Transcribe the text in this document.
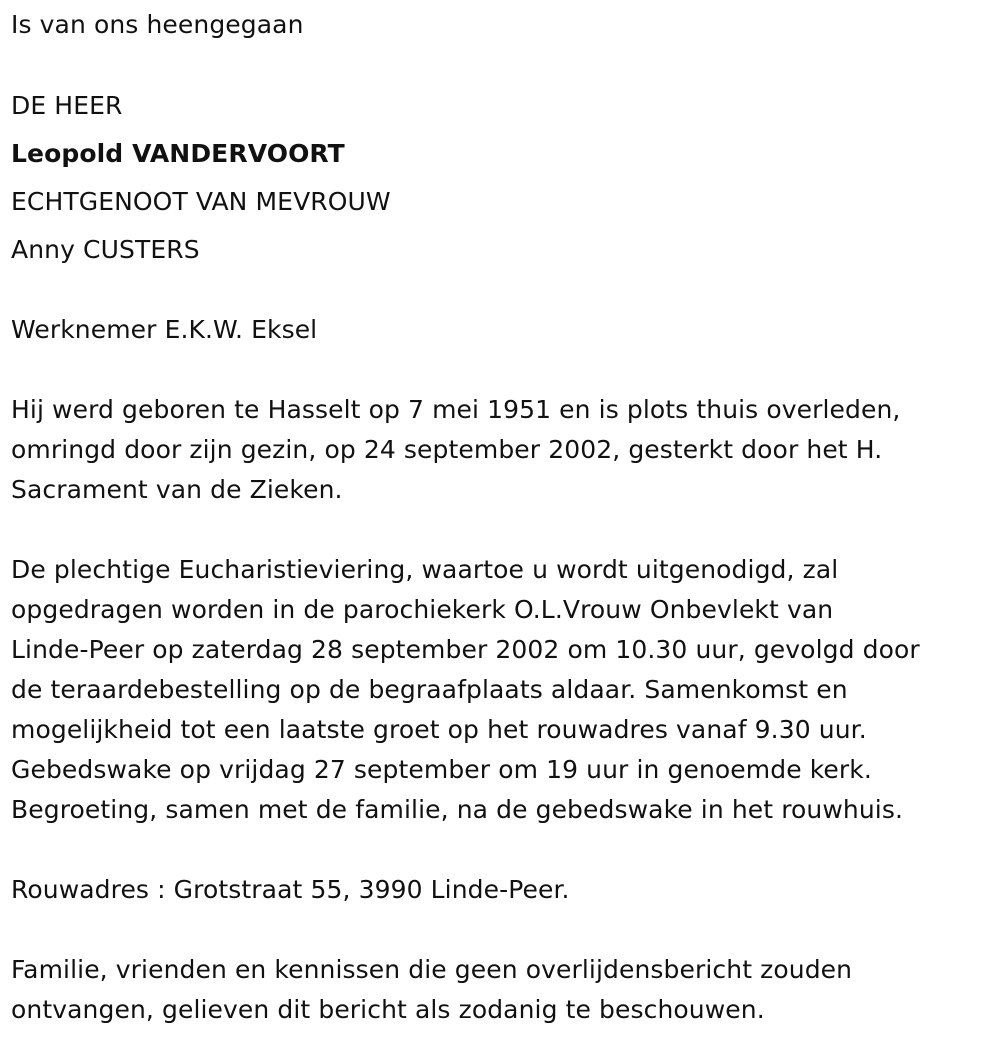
Is van ons heengegaan
DE HEER
Leopold VANDERVOORT
ECHTGENOOT VAN MEVROUW
Anny CUSTERS
Werknemer E.K.W. Eksel
Hij werd geboren te Hasselt op 7 mei 1951 en is plots thuis overleden,
omringd door zijn gezin, op 24 september 2002, gesterkt door het H.
Sacrament van de Zieken.
De plechtige Eucharistieviering, waartoe u wordt uitgenodigd, zal
opgedragen worden in de parochiekerk O.L.Vrouw Onbevlekt van
Linde-Peer op zaterdag 28 september 2002 om 10.30 uur, gevolgd door
de teraardebestelling op de begraafplaats aldaar. Samenkomst en
mogelijkheid tot een laatste groet op het rouwadres vanaf 9.30 uur.
Gebedswake op vrijdag 27 september om 19 uur in genoemde kerk.
Begroeting, samen met de familie, na de gebedswake in het rouwhuis.
Rouwadres : Grotstraat 55, 3990 Linde-Peer.
Familie, vrienden en kennissen die geen overlijdensbericht zouden
ontvangen, gelieven dit bericht als zodanig te beschouwen.
